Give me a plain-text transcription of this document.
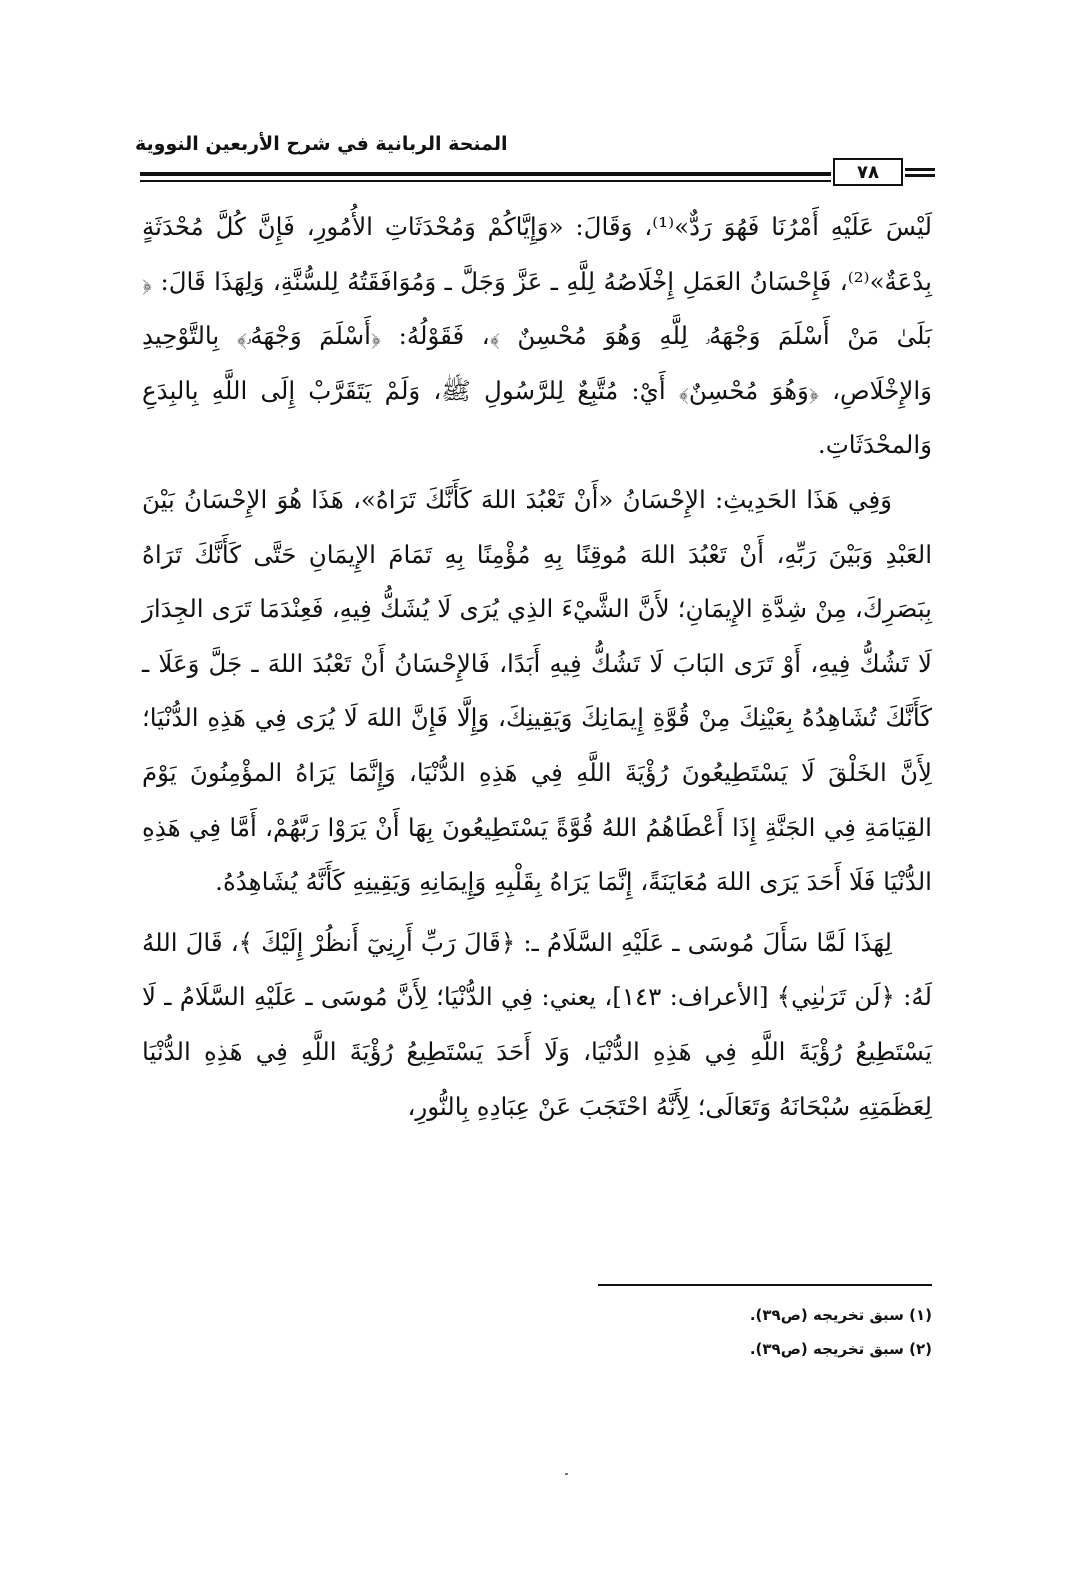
المنحة الربانية في شرح الأربعين النووية
٧٨

لَيْسَ عَلَيْهِ أَمْرُنَا فَهُوَ رَدٌّ»⁽¹⁾، وَقَالَ: «وَإِيَّاكُمْ وَمُحْدَثَاتِ الأُمُورِ، فَإِنَّ كُلَّ مُحْدَثَةٍ بِدْعَةٌ»⁽²⁾، فَإِحْسَانُ العَمَلِ إِخْلَاصُهُ لِلَّهِ ـ عَزَّ وَجَلَّ ـ وَمُوَافَقَتُهُ لِلسُّنَّةِ، وَلِهَذَا قَالَ: ﴿ بَلَىٰ مَنْ أَسْلَمَ وَجْهَهُۥ لِلَّهِ وَهُوَ مُحْسِنٌ ﴾، فَقَوْلُهُ: ﴿أَسْلَمَ وَجْهَهُۥ﴾ بِالتَّوْحِيدِ وَالإِخْلَاصِ، ﴿وَهُوَ مُحْسِنٌ﴾ أَيْ: مُتَّبِعٌ لِلرَّسُولِ ﷺ، وَلَمْ يَتَقَرَّبْ إِلَى اللَّهِ بِالبِدَعِ وَالمحْدَثَاتِ.

وَفِي هَذَا الحَدِيثِ: الإِحْسَانُ «أَنْ تَعْبُدَ اللهَ كَأَنَّكَ تَرَاهُ»، هَذَا هُوَ الإِحْسَانُ بَيْنَ العَبْدِ وَبَيْنَ رَبِّهِ، أَنْ تَعْبُدَ اللهَ مُوقِنًا بِهِ مُؤْمِنًا بِهِ تَمَامَ الإِيمَانِ حَتَّى كَأَنَّكَ تَرَاهُ بِبَصَرِكَ، مِنْ شِدَّةِ الإِيمَانِ؛ لأَنَّ الشَّيْءَ الذِي يُرَى لَا يُشَكُّ فِيهِ، فَعِنْدَمَا تَرَى الجِدَارَ لَا تَشُكُّ فِيهِ، أَوْ تَرَى البَابَ لَا تَشُكُّ فِيهِ أَبَدًا، فَالإِحْسَانُ أَنْ تَعْبُدَ اللهَ ـ جَلَّ وَعَلَا ـ كَأَنَّكَ تُشَاهِدُهُ بِعَيْنِكَ مِنْ قُوَّةِ إِيمَانِكَ وَيَقِينِكَ، وَإِلَّا فَإِنَّ اللهَ لَا يُرَى فِي هَذِهِ الدُّنْيَا؛ لِأَنَّ الخَلْقَ لَا يَسْتَطِيعُونَ رُؤْيَةَ اللَّهِ فِي هَذِهِ الدُّنْيَا، وَإِنَّمَا يَرَاهُ المؤْمِنُونَ يَوْمَ القِيَامَةِ فِي الجَنَّةِ إِذَا أَعْطَاهُمُ اللهُ قُوَّةً يَسْتَطِيعُونَ بِهَا أَنْ يَرَوْا رَبَّهُمْ، أَمَّا فِي هَذِهِ الدُّنْيَا فَلَا أَحَدَ يَرَى اللهَ مُعَايَنَةً، إِنَّمَا يَرَاهُ بِقَلْبِهِ وَإِيمَانِهِ وَيَقِينِهِ كَأَنَّهُ يُشَاهِدُهُ.

لِهَذَا لَمَّا سَأَلَ مُوسَى ـ عَلَيْهِ السَّلَامُ ـ: ﴿قَالَ رَبِّ أَرِنِيٓ أَنظُرْ إِلَيْكَ ﴾، قَالَ اللهُ لَهُ: ﴿لَن تَرَىٰنِي﴾ [الأعراف: ١٤٣]، يعني: فِي الدُّنْيَا؛ لِأَنَّ مُوسَى ـ عَلَيْهِ السَّلَامُ ـ لَا يَسْتَطِيعُ رُؤْيَةَ اللَّهِ فِي هَذِهِ الدُّنْيَا، وَلَا أَحَدَ يَسْتَطِيعُ رُؤْيَةَ اللَّهِ فِي هَذِهِ الدُّنْيَا لِعَظَمَتِهِ سُبْحَانَهُ وَتَعَالَى؛ لِأَنَّهُ احْتَجَبَ عَنْ عِبَادِهِ بِالنُّورِ،

(١) سبق تخريجه (ص٣٩).
(٢) سبق تخريجه (ص٣٩).
